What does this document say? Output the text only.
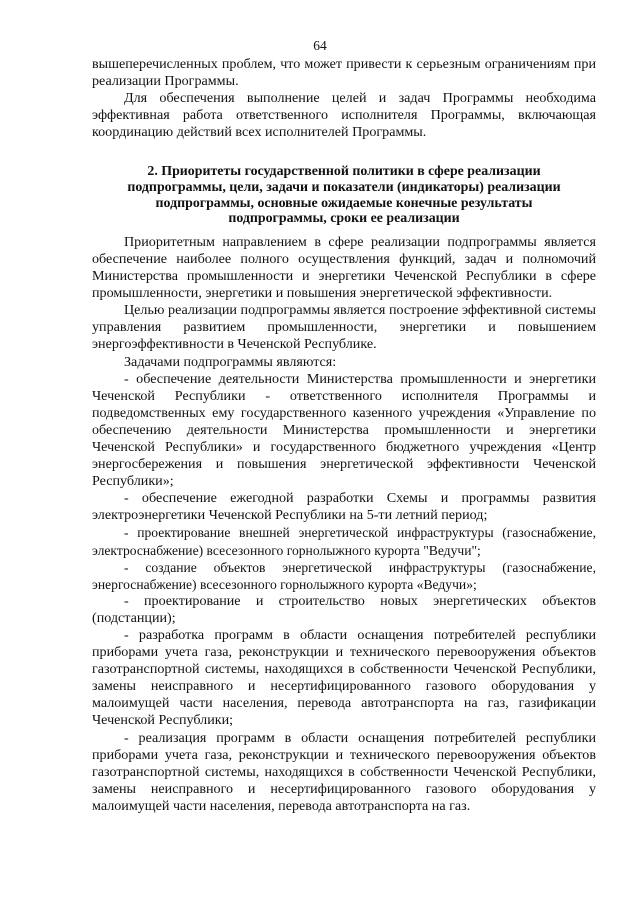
64

вышеперечисленных проблем, что может привести к серьезным ограничениям при реализации Программы.

Для обеспечения выполнение целей и задач Программы необходима эффективная работа ответственного исполнителя Программы, включающая координацию действий всех исполнителей Программы.

2. Приоритеты государственной политики в сфере реализации подпрограммы, цели, задачи и показатели (индикаторы) реализации подпрограммы, основные ожидаемые конечные результаты подпрограммы, сроки ее реализации

Приоритетным направлением в сфере реализации подпрограммы является обеспечение наиболее полного осуществления функций, задач и полномочий Министерства промышленности и энергетики Чеченской Республики в сфере промышленности, энергетики и повышения энергетической эффективности.

Целью реализации подпрограммы является построение эффективной системы управления развитием промышленности, энергетики и повышением энергоэффективности в Чеченской Республике.

Задачами подпрограммы являются:

- обеспечение деятельности Министерства промышленности и энергетики Чеченской Республики - ответственного исполнителя Программы и подведомственных ему государственного казенного учреждения «Управление по обеспечению деятельности Министерства промышленности и энергетики Чеченской Республики» и государственного бюджетного учреждения «Центр энергосбережения и повышения энергетической эффективности Чеченской Республики»;

- обеспечение ежегодной разработки Схемы и программы развития электроэнергетики Чеченской Республики на 5-ти летний период;

- проектирование внешней энергетической инфраструктуры (газоснабжение, электроснабжение) всесезонного горнолыжного курорта "Ведучи";

- создание объектов энергетической инфраструктуры (газоснабжение, энергоснабжение) всесезонного горнолыжного курорта «Ведучи»;

- проектирование и строительство новых энергетических объектов (подстанции);

- разработка программ в области оснащения потребителей республики приборами учета газа, реконструкции и технического перевооружения объектов газотранспортной системы, находящихся в собственности Чеченской Республики, замены неисправного и несертифицированного газового оборудования у малоимущей части населения, перевода автотранспорта на газ, газификации Чеченской Республики;

- реализация программ в области оснащения потребителей республики приборами учета газа, реконструкции и технического перевооружения объектов газотранспортной системы, находящихся в собственности Чеченской Республики, замены неисправного и несертифицированного газового оборудования у малоимущей части населения, перевода автотранспорта на газ.
